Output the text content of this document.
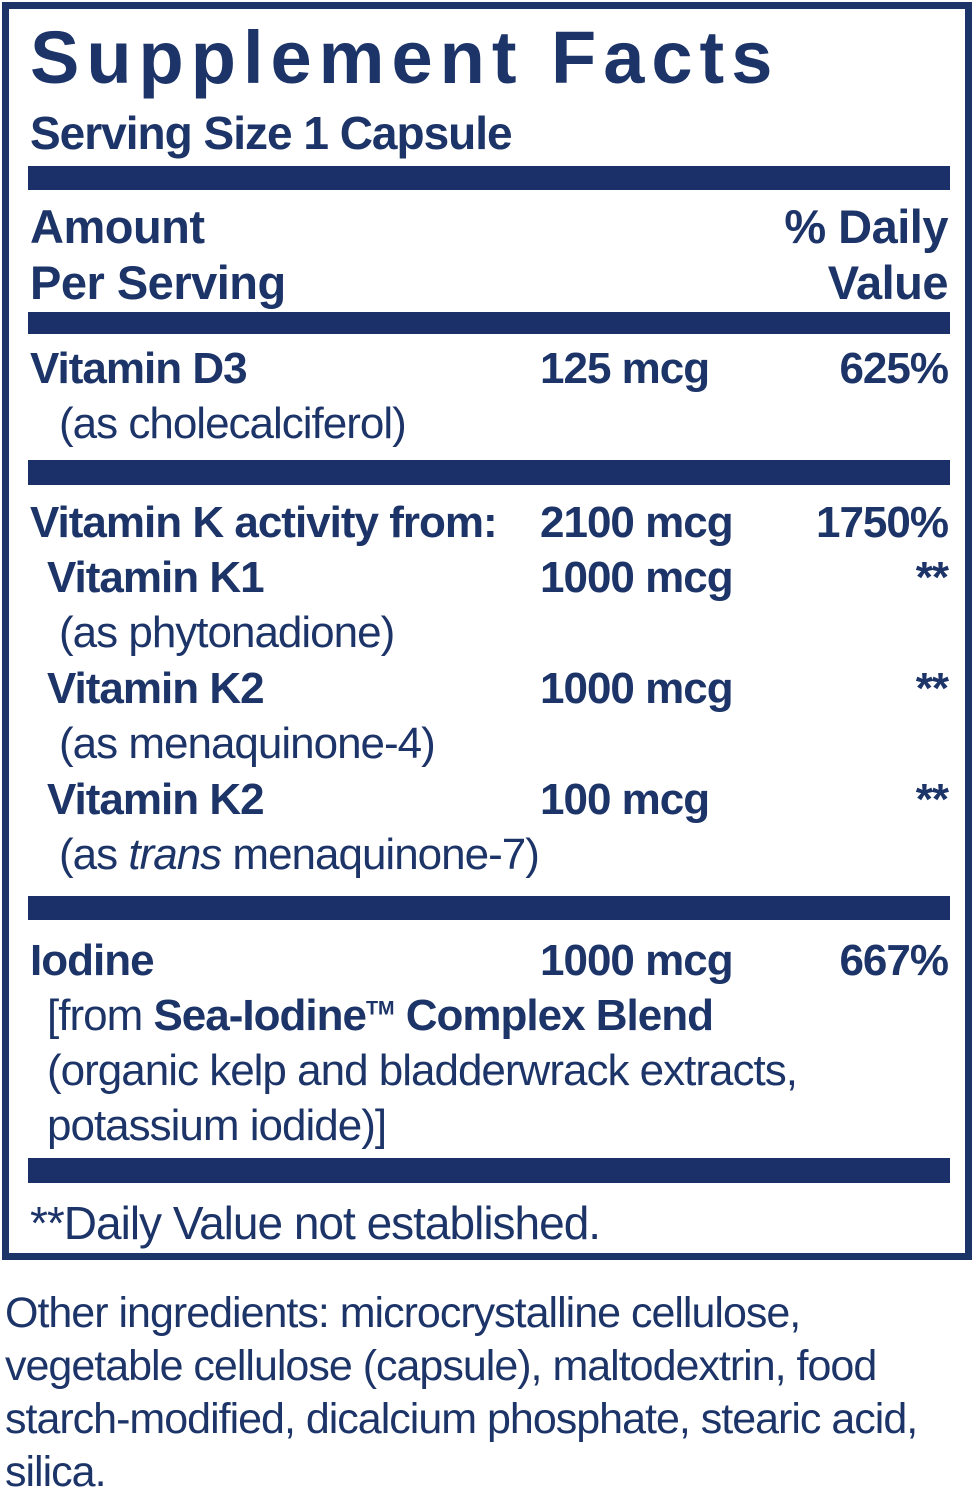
Supplement Facts
Serving Size 1 Capsule
Amount
Per Serving
% Daily
Value
Vitamin D3	125 mcg	625%
(as cholecalciferol)
Vitamin K activity from: 2100 mcg 1750%
Vitamin K1	1000 mcg	**
(as phytonadione)
Vitamin K2	1000 mcg	**
(as menaquinone-4)
Vitamin K2	100 mcg	**
(as trans menaquinone-7)
Iodine	1000 mcg 667%
[from Sea-Iodine™ Complex Blend
(organic kelp and bladderwrack extracts,
potassium iodide)]
**Daily Value not established.

Other ingredients: microcrystalline cellulose, vegetable cellulose (capsule), maltodextrin, food starch-modified, dicalcium phosphate, stearic acid, silica.
